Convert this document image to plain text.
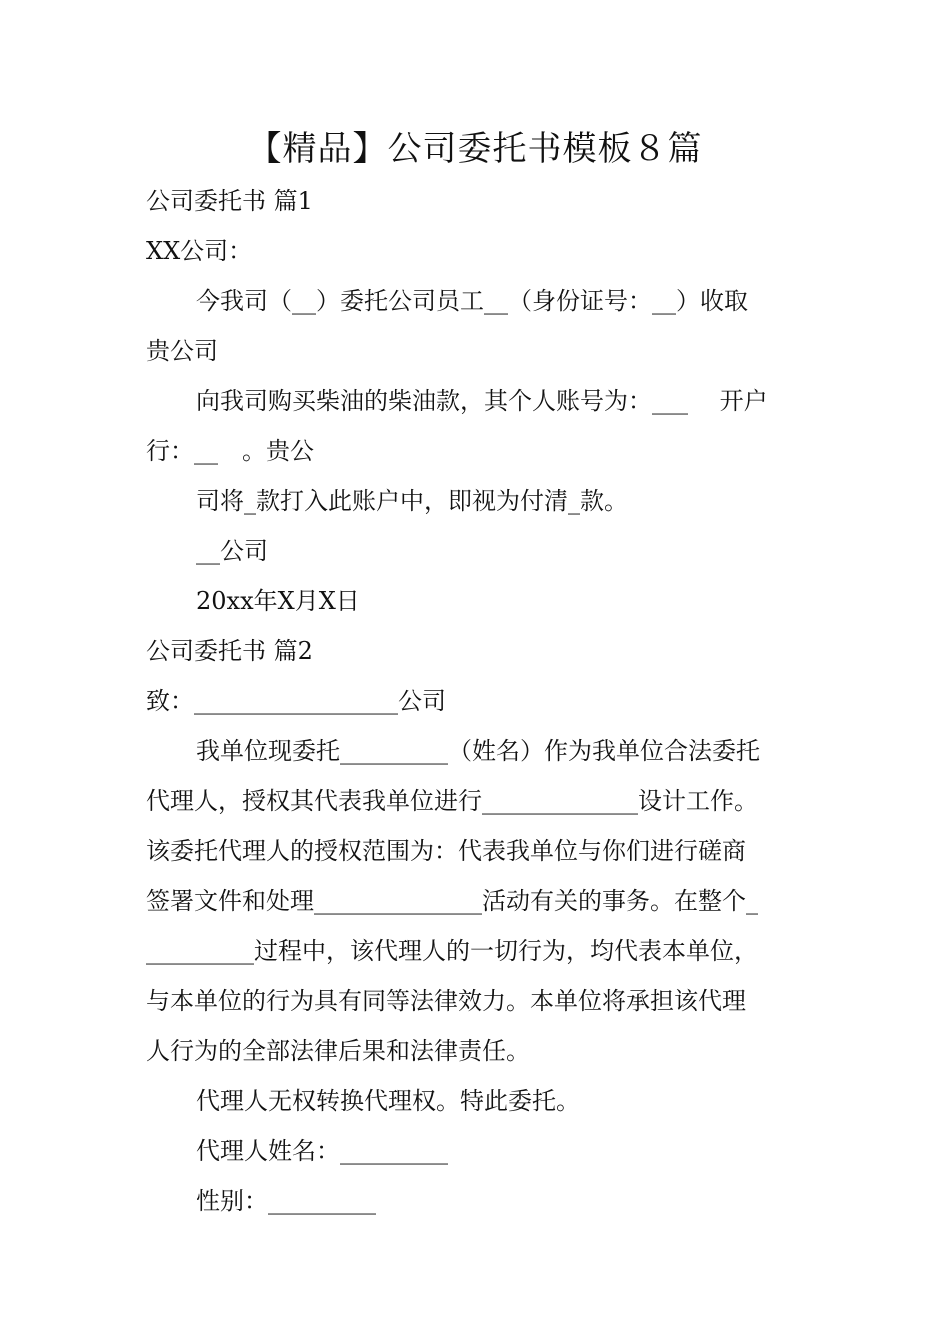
【精品】公司委托书模板８篇
公司委托书 篇1
XX公司：
今我司（__）委托公司员工__（身份证号：__）收取
贵公司
向我司购买柴油的柴油款，其个人账号为：___　 开户
行：__　。贵公
司将_款打入此账户中，即视为付清_款。
__公司
20xx年X月X日
公司委托书 篇2
致：_________________公司
我单位现委托_________（姓名）作为我单位合法委托
代理人，授权其代表我单位进行_____________设计工作。
该委托代理人的授权范围为：代表我单位与你们进行磋商
签署文件和处理______________活动有关的事务。在整个_
_________过程中，该代理人的一切行为，均代表本单位，
与本单位的行为具有同等法律效力。本单位将承担该代理
人行为的全部法律后果和法律责任。
代理人无权转换代理权。特此委托。
代理人姓名：_________
性别：_________
